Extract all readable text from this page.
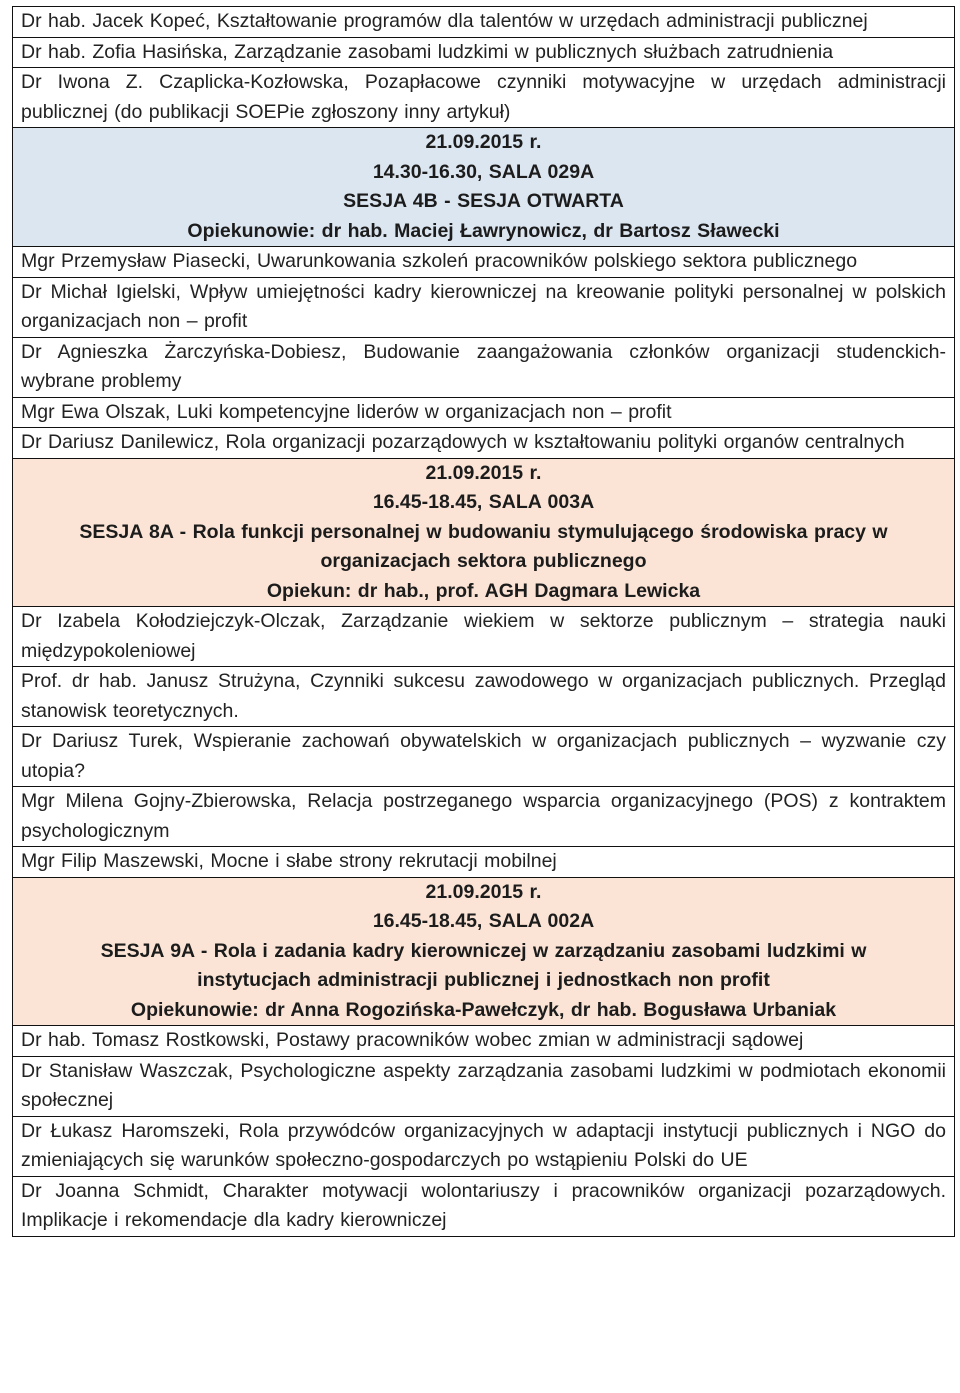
Dr hab. Jacek Kopeć, Kształtowanie programów dla talentów w urzędach administracji publicznej
Dr hab. Zofia Hasińska, Zarządzanie zasobami ludzkimi w publicznych służbach zatrudnienia
Dr Iwona Z. Czaplicka-Kozłowska, Pozapłacowe czynniki motywacyjne w urzędach administracji publicznej (do publikacji SOEPie zgłoszony inny artykuł)

21.09.2015 r.
14.30-16.30, SALA 029A
SESJA 4B - SESJA OTWARTA
Opiekunowie: dr hab. Maciej Ławrynowicz, dr Bartosz Sławecki

Mgr Przemysław Piasecki, Uwarunkowania szkoleń pracowników polskiego sektora publicznego
Dr Michał Igielski, Wpływ umiejętności kadry kierowniczej na kreowanie polityki personalnej w polskich organizacjach non – profit
Dr Agnieszka Żarczyńska-Dobiesz, Budowanie zaangażowania członków organizacji studenckich- wybrane problemy
Mgr Ewa Olszak, Luki kompetencyjne liderów w organizacjach non – profit
Dr Dariusz Danilewicz, Rola organizacji pozarządowych w kształtowaniu polityki organów centralnych

21.09.2015 r.
16.45-18.45, SALA 003A
SESJA 8A - Rola funkcji personalnej w budowaniu stymulującego środowiska pracy w
organizacjach sektora publicznego
Opiekun: dr hab., prof. AGH Dagmara Lewicka

Dr Izabela Kołodziejczyk-Olczak, Zarządzanie wiekiem w sektorze publicznym – strategia nauki międzypokoleniowej
Prof. dr hab. Janusz Strużyna, Czynniki sukcesu zawodowego w organizacjach publicznych. Przegląd stanowisk teoretycznych.
Dr Dariusz Turek, Wspieranie zachowań obywatelskich w organizacjach publicznych – wyzwanie czy utopia?
Mgr Milena Gojny-Zbierowska, Relacja postrzeganego wsparcia organizacyjnego (POS) z kontraktem psychologicznym
Mgr Filip Maszewski, Mocne i słabe strony rekrutacji mobilnej

21.09.2015 r.
16.45-18.45, SALA 002A
SESJA 9A - Rola i zadania kadry kierowniczej w zarządzaniu zasobami ludzkimi w
instytucjach administracji publicznej i jednostkach non profit
Opiekunowie: dr Anna Rogozińska-Pawełczyk, dr hab. Bogusława Urbaniak

Dr hab. Tomasz Rostkowski, Postawy pracowników wobec zmian w administracji sądowej
Dr Stanisław Waszczak, Psychologiczne aspekty zarządzania zasobami ludzkimi w podmiotach ekonomii społecznej
Dr Łukasz Haromszeki, Rola przywódców organizacyjnych w adaptacji instytucji publicznych i NGO do zmieniających się warunków społeczno-gospodarczych po wstąpieniu Polski do UE
Dr Joanna Schmidt, Charakter motywacji wolontariuszy i pracowników organizacji pozarządowych. Implikacje i rekomendacje dla kadry kierowniczej
